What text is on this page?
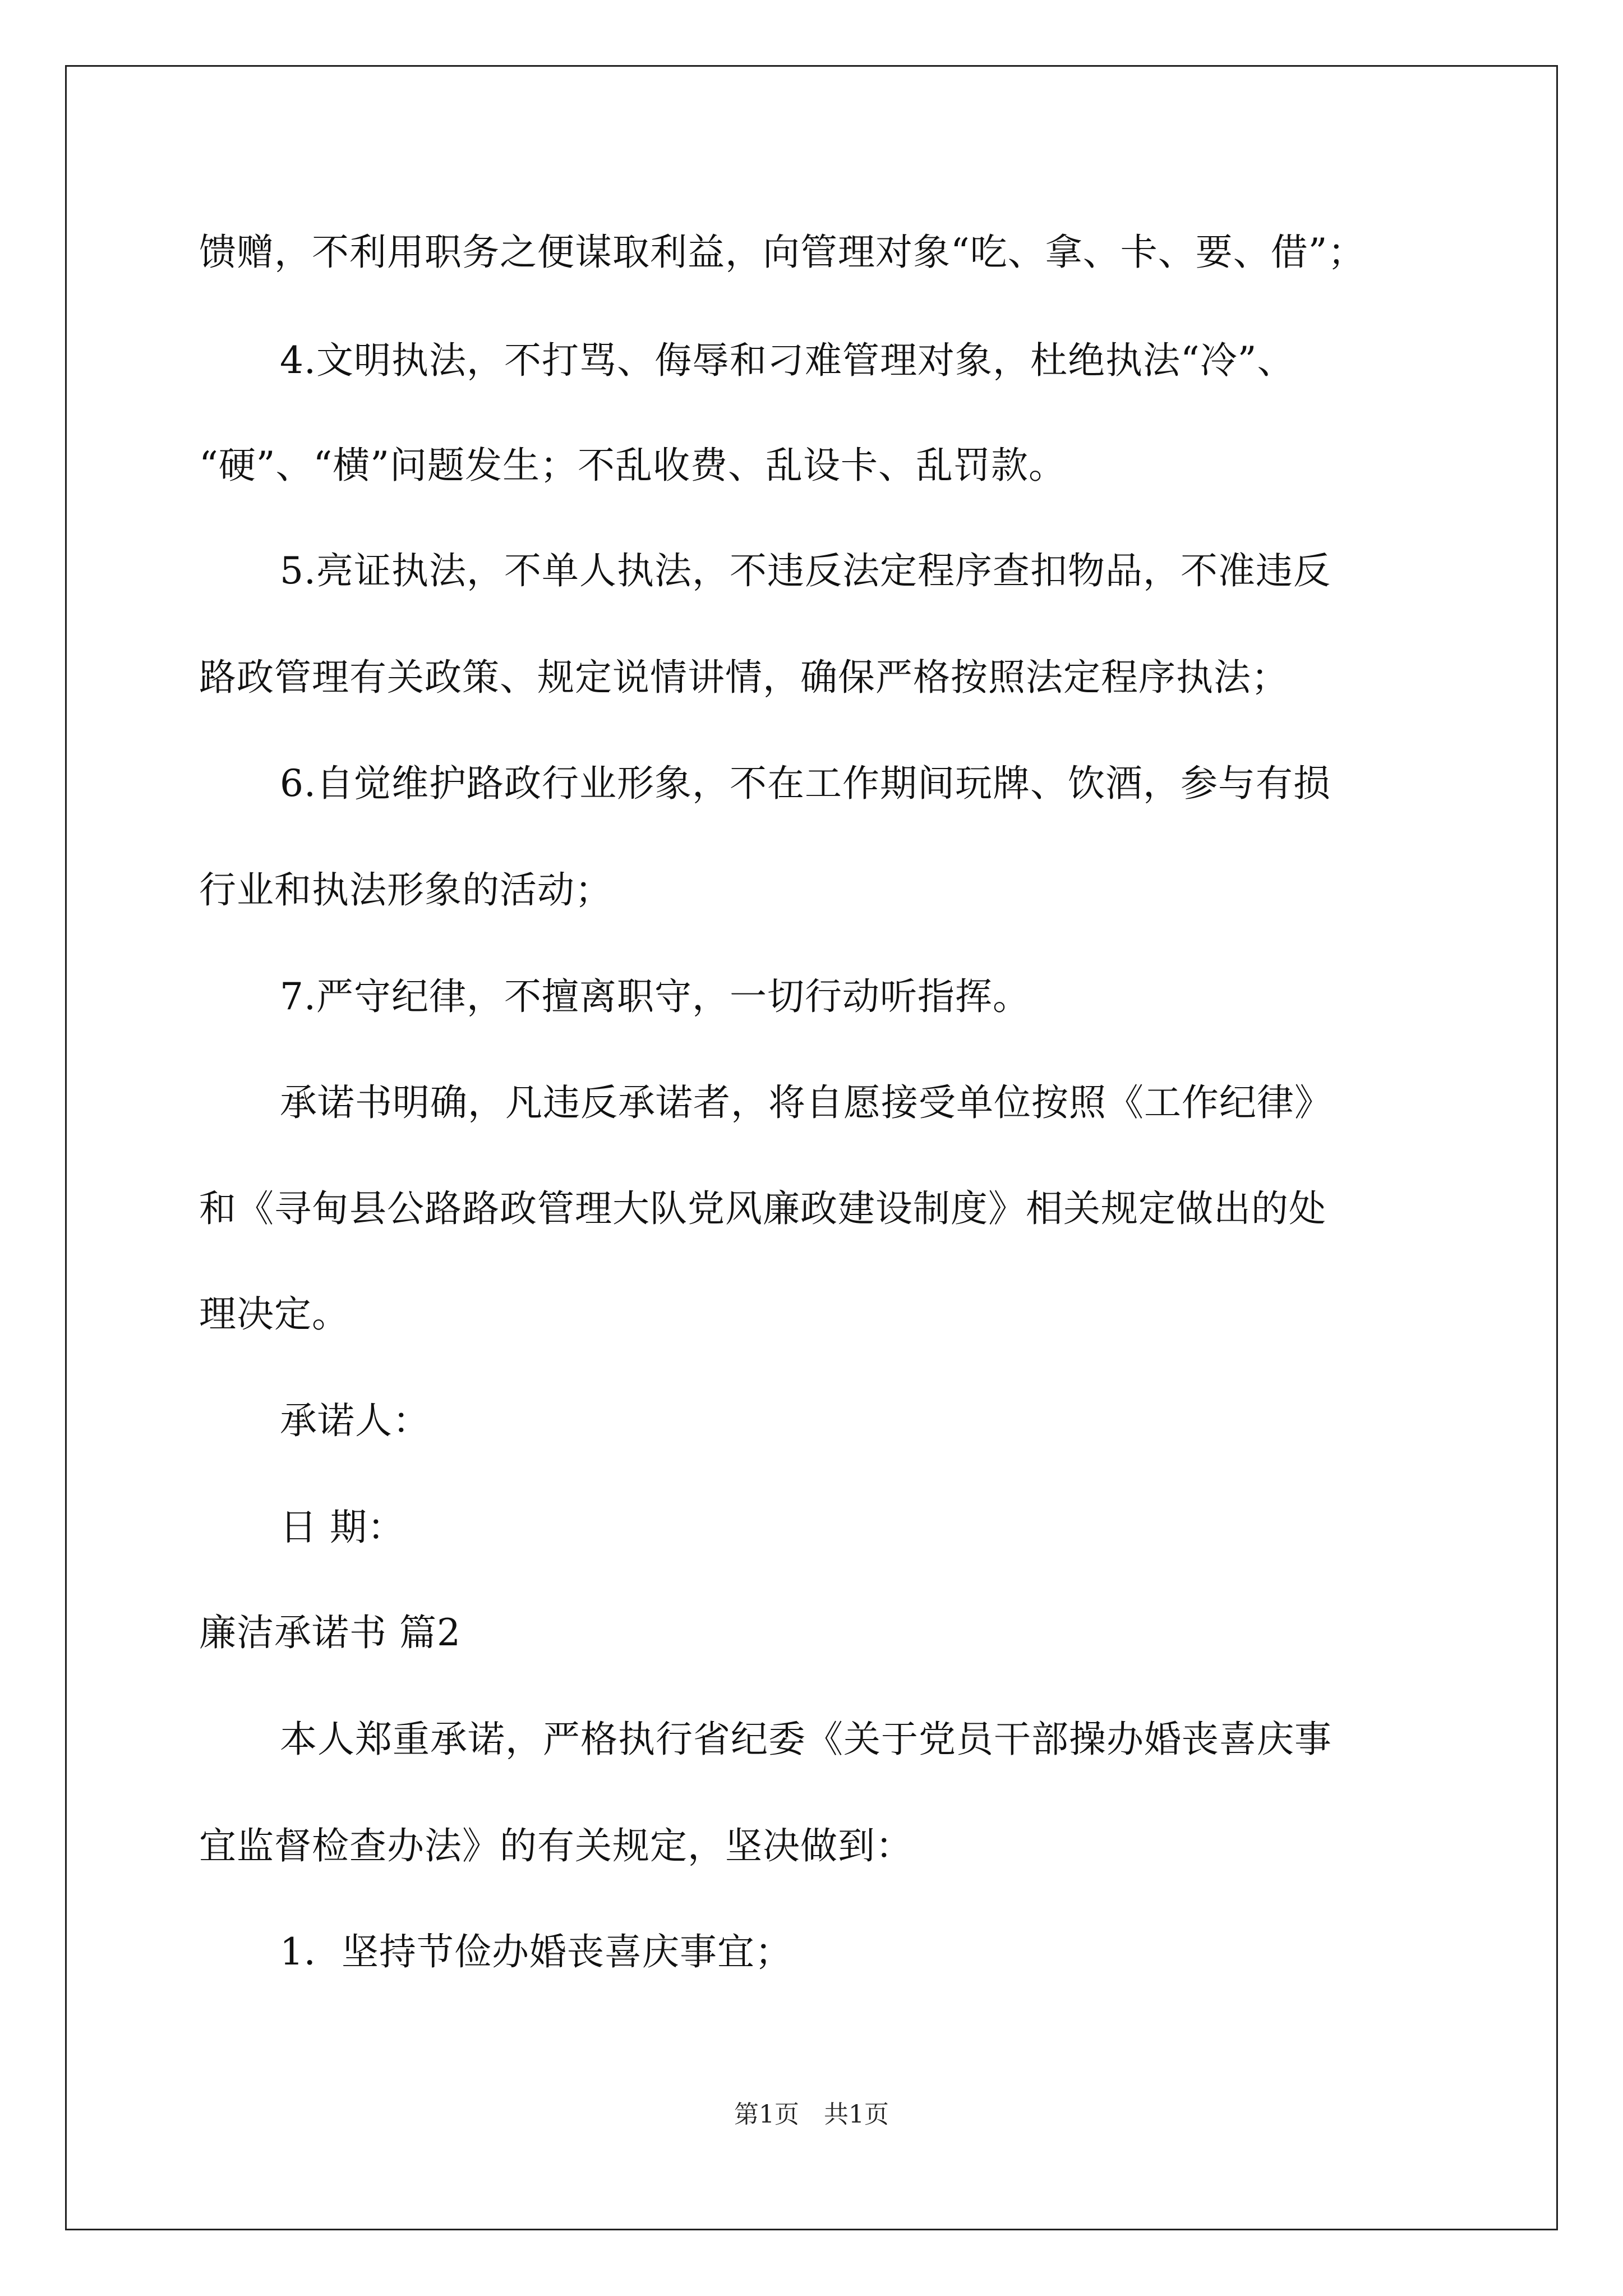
馈赠，不利用职务之便谋取利益，向管理对象“吃、拿、卡、要、借”；
4.文明执法，不打骂、侮辱和刁难管理对象，杜绝执法“冷”、
“硬”、“横”问题发生；不乱收费、乱设卡、乱罚款。
5.亮证执法，不单人执法，不违反法定程序查扣物品，不准违反
路政管理有关政策、规定说情讲情，确保严格按照法定程序执法；
6.自觉维护路政行业形象，不在工作期间玩牌、饮酒，参与有损
行业和执法形象的活动；
7.严守纪律，不擅离职守，一切行动听指挥。
承诺书明确，凡违反承诺者，将自愿接受单位按照《工作纪律》
和《寻甸县公路路政管理大队党风廉政建设制度》相关规定做出的处
理决定。
承诺人：
日 期：
廉洁承诺书 篇2
本人郑重承诺，严格执行省纪委《关于党员干部操办婚丧喜庆事
宜监督检查办法》的有关规定，坚决做到：
1．坚持节俭办婚丧喜庆事宜；
第1页　共1页
